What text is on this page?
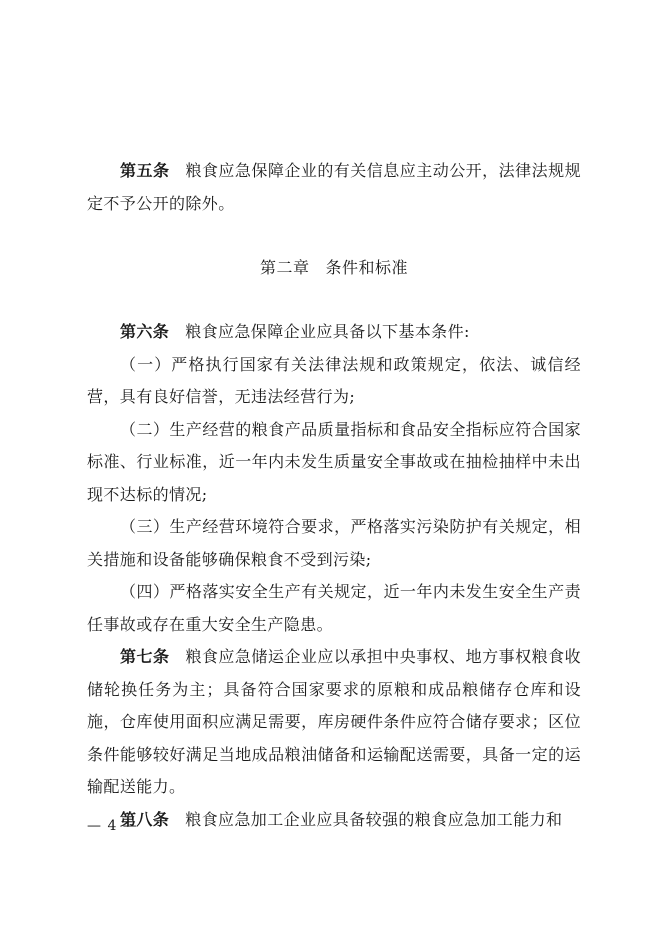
第五条 粮食应急保障企业的有关信息应主动公开，法律法规规定不予公开的除外。

第二章 条件和标准

第六条 粮食应急保障企业应具备以下基本条件:

（一）严格执行国家有关法律法规和政策规定，依法、诚信经营，具有良好信誉，无违法经营行为;

（二）生产经营的粮食产品质量指标和食品安全指标应符合国家标准、行业标准，近一年内未发生质量安全事故或在抽检抽样中未出现不达标的情况;

（三）生产经营环境符合要求，严格落实污染防护有关规定，相关措施和设备能够确保粮食不受到污染;

（四）严格落实安全生产有关规定，近一年内未发生安全生产责任事故或存在重大安全生产隐患。

第七条 粮食应急储运企业应以承担中央事权、地方事权粮食收储轮换任务为主；具备符合国家要求的原粮和成品粮储存仓库和设施，仓库使用面积应满足需要，库房硬件条件应符合储存要求；区位条件能够较好满足当地成品粮油储备和运输配送需要，具备一定的运输配送能力。

第八条 粮食应急加工企业应具备较强的粮食应急加工能力和

— 4 —
